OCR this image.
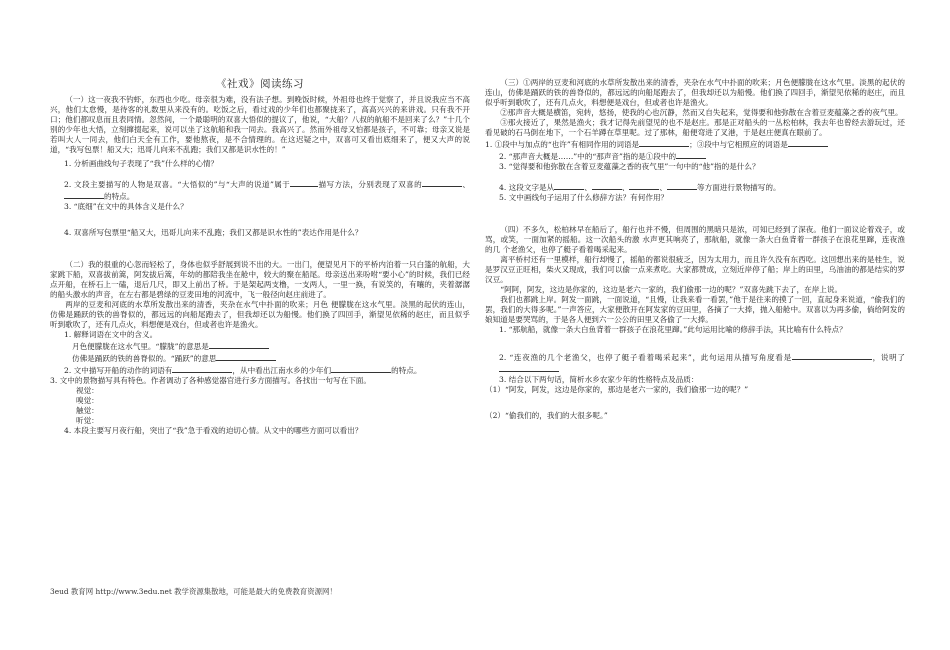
《社戏》阅读练习

（一）这一夜我不钓虾，东西也少吃。母亲很为难，没有法子想。到晚饭时候，外祖母也终于觉察了，并且说我应当不高兴，他们太怠慢，是待客的礼数里从来没有的。吃饭之后，看过戏的少年们也都聚拢来了，高高兴兴的来讲戏。只有我不开口；他们都叹息而且表同情。忽然间，一个最聪明的双喜大悟似的提议了，他说，“大船？八叔的航船不是回来了么？”十几个别的少年也大悟，立刻撺掇起来，说可以坐了这航船和我一同去。我高兴了。然而外祖母又怕都是孩子，不可靠；母亲又说是若叫大人一同去，他们白天全有工作，要他熬夜，是不合情理的。在这迟疑之中，双喜可又看出底细来了，便又大声的说道，“我写包票！船又大；迅哥儿向来不乱跑；我们又都是识水性的！”

1. 分析画曲线句子表现了“我”什么样的心情？

2. 文段主要描写的人物是双喜。“大悟似的”与“大声的说道”属于	描写方法，分别表现了双喜的	、的特点。

3. “底细”在文中的具体含义是什么？

4. 双喜所写包票里“船又大，迅哥儿向来不乱跑；我们又都是识水性的”表达作用是什么？

（二）我的很重的心忽而轻松了，身体也似乎舒展到说不出的大。一出门，便望见月下的平桥内泊着一只白篷的航船，大家跳下船，双喜拔前篙，阿发拔后篙，年幼的都陪我坐在舱中，较大的聚在船尾。母亲送出来吩咐“要小心”的时候，我们已经点开船，在桥石上一磕，退后几尺，即又上前出了桥。于是架起两支橹，一支两人，一里一换，有说笑的，有嚷的，夹着潺潺的船头激水的声音，在左右都是碧绿的豆麦田地的河流中，飞一般径向赵庄前进了。

两岸的豆麦和河底的水草所发散出来的清香，夹杂在水气中扑面的吹来；月色 便朦胧在这水气里。淡黑的起伏的连山，仿佛是踊跃的铁的兽脊似的，都远远的向船尾跑去了，但我却还以为船慢。他们换了四回手，渐望见依稀的赵庄，而且似乎 听到歌吹了，还有几点火，料想便是戏台，但或者也许是渔火。

1. 解释词语在文中的含义。

月色便朦胧在这水气里。“朦胧”的意思是

仿佛是踊跃的铁的兽脊似的。“踊跃”的意思

2. 文中描写开船的动作的词语有	，从中看出江南水乡的少年们	的特点。

3. 文中的景物描写具有特色。作者调动了各种感觉器官进行多方面描写。各找出一句写在下面。

视觉：

嗅觉：

触觉：

听觉：

4. 本段主要写月夜行船，突出了“我”急于看戏的迫切心情。从文中的哪些方面可以看出？

（三）①两岸的豆麦和河底的水草所发散出来的清香，夹杂在水气中扑面的吹来；月色便朦胧在这水气里。淡黑的起伏的连山，仿佛是踊跃的铁的兽脊似的，都远远的向船尾跑去了，但我却还以为船慢。他们换了四回手，渐望见依稀的赵庄，而且似乎听到歌吹了，还有几点火，料想便是戏台，但或者也许是渔火。

②那声音大概是横笛，宛转，悠扬，使我的心也沉静，然而又自失起来，觉得要和他弥散在含着豆麦蕴藻之香的夜气里。

③那火接近了，果然是渔火；我才记得先前望见的也不是赵庄。那是正对船头的一丛松柏林，我去年也曾经去游玩过，还看见破的石马倒在地下，一个石羊蹲在草里呢。过了那林，船便弯进了叉港，于是赵庄便真在眼前了。

1. ①段中与加点的“也许”有相同作用的词语是	；③段中与它相照应的词语是

2. “那声音大概是……”中的“那声音”指的是①段中的

3. “觉得要和他弥散在含着豆麦蕴藻之香的夜气里”一句中的“他”指的是什么？

4. 这段文字是从	、	、	、	等方面进行景物描写的。

5. 文中画线句子运用了什么修辞方法？有何作用？

（四）不多久，松柏林早在船后了，船行也并不慢，但周围的黑暗只是浓，可知已经到了深夜。他们一面议论着戏子，或骂，或笑，一面加紧的摇船。这一次船头的激 水声更其响亮了，那航船，就像一条大白鱼背着一群孩子在浪花里蹿，连夜渔的几 个老渔父，也停了艇子看着喝采起来。

离平桥村还有一里模样，船行却慢了，摇船的都说很疲乏，因为太用力，而且许久没有东西吃。这回想出来的是桂生，说是罗汉豆正旺相，柴火又现成，我们可以偷一点来煮吃。大家都赞成，立刻近岸停了船；岸上的田里，乌油油的都是结实的罗汉豆。

“阿阿，阿发，这边是你家的，这边是老六一家的，我们偷那一边的呢？”双喜先跳下去了，在岸上说。

我们也都跳上岸。阿发一面跳，一面说道，“且慢，让我来看一看罢，”他于是往来的摸了一回，直起身来说道，“偷我们的罢，我们的大得多呢。”一声答应，大家便散开在阿发家的豆田里，各摘了一大捧，抛入船舱中。双喜以为再多偷，倘给阿发的娘知道是要哭骂的，于是各人便到六一公公的田里又各偷了一大捧。

1. “那航船，就像一条大白鱼背着一群孩子在浪花里蹿。”此句运用比喻的修辞手法，其比喻有什么特点？

2. “连夜渔的几个老渔父，也停了艇子看着喝采起来”，此句运用从描写角度看是	，说明了

3. 结合以下两句话，简析水乡农家少年的性格特点及品质：

（1）“阿发，阿发，这边是你家的，那边是老六一家的，我们偷那一边的呢？”

（2）“偷我们的，我们的大很多呢。”

3eud 教育网 http://www.3edu.net 教学资源集散地，可能是最大的免费教育资源网！
